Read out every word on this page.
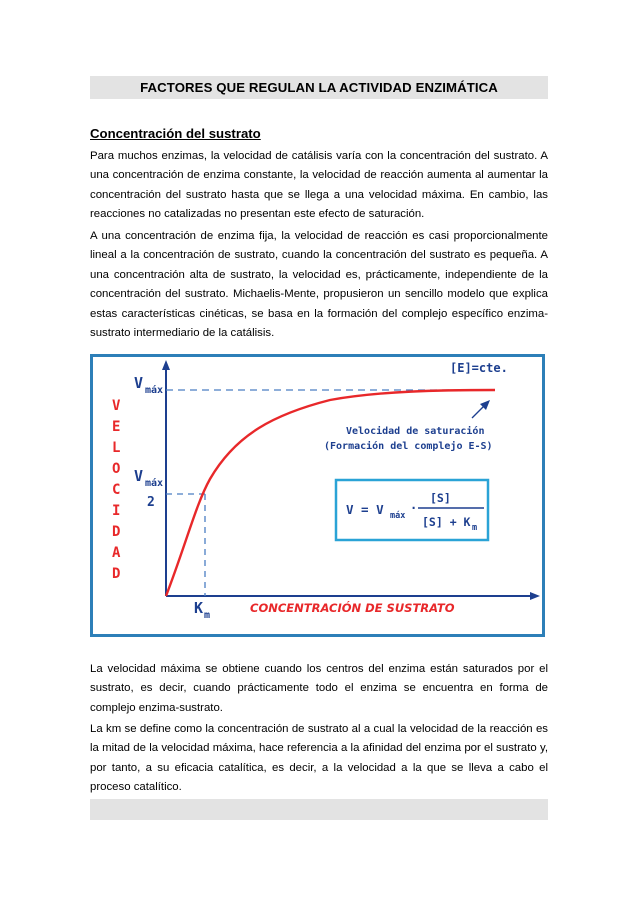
FACTORES QUE REGULAN LA ACTIVIDAD ENZIMÁTICA
Concentración del sustrato
Para muchos enzimas, la velocidad de catálisis varía con la concentración del sustrato. A una concentración de enzima constante, la velocidad de reacción aumenta al aumentar la concentración del sustrato hasta que se llega a una velocidad máxima. En cambio, las reacciones no catalizadas no presentan este efecto de saturación.
A una concentración de enzima fija, la velocidad de reacción es casi proporcionalmente lineal a la concentración de sustrato, cuando la concentración del sustrato es pequeña. A una concentración alta de sustrato, la velocidad es, prácticamente, independiente de la concentración del sustrato. Michaelis-Mente, propusieron un sencillo modelo que explica estas características cinéticas, se basa en la formación del complejo específico enzima-sustrato intermediario de la catálisis.
V
E
L
O
C
I
D
A
D
V máx
V máx
2
K m
CONCENTRACIÓN DE SUSTRATO
[E]=cte.
Velocidad de saturación
(Formación del complejo E-S)
V = V máx
·
[S]
[S] + K m
La velocidad máxima se obtiene cuando los centros del enzima están saturados por el sustrato, es decir, cuando prácticamente todo el enzima se encuentra en forma de complejo enzima-sustrato.
La km se define como la concentración de sustrato al a cual la velocidad de la reacción es la mitad de la velocidad máxima, hace referencia a la afinidad del enzima por el sustrato y, por tanto, a su eficacia catalítica, es decir, a la velocidad a la que se lleva a cabo el proceso catalítico.
